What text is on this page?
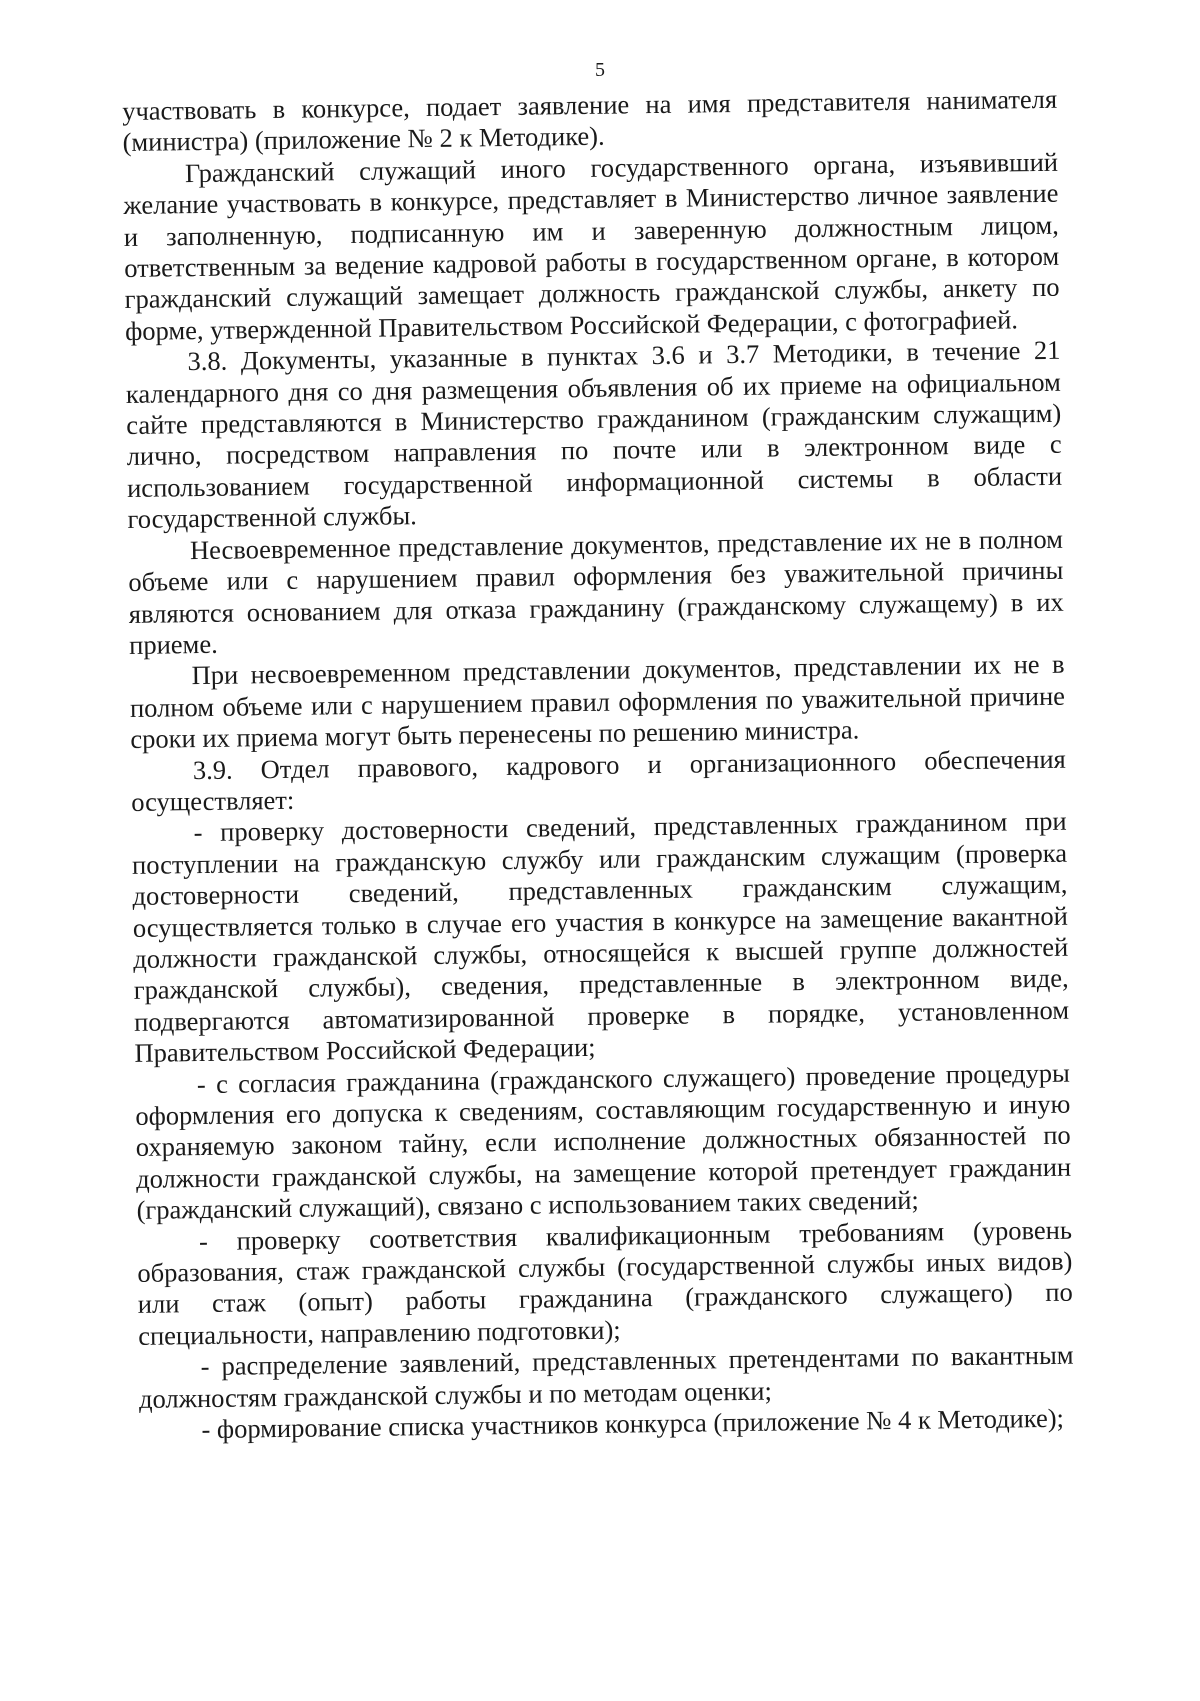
5

участвовать в конкурсе, подает заявление на имя представителя нанимателя (министра) (приложение № 2 к Методике).

Гражданский служащий иного государственного органа, изъявивший желание участвовать в конкурсе, представляет в Министерство личное заявление и заполненную, подписанную им и заверенную должностным лицом, ответственным за ведение кадровой работы в государственном органе, в котором гражданский служащий замещает должность гражданской службы, анкету по форме, утвержденной Правительством Российской Федерации, с фотографией.

3.8. Документы, указанные в пунктах 3.6 и 3.7 Методики, в течение 21 календарного дня со дня размещения объявления об их приеме на официальном сайте представляются в Министерство гражданином (гражданским служащим) лично, посредством направления по почте или в электронном виде с использованием государственной информационной системы в области государственной службы.

Несвоевременное представление документов, представление их не в полном объеме или с нарушением правил оформления без уважительной причины являются основанием для отказа гражданину (гражданскому служащему) в их приеме.

При несвоевременном представлении документов, представлении их не в полном объеме или с нарушением правил оформления по уважительной причине сроки их приема могут быть перенесены по решению министра.

3.9. Отдел правового, кадрового и организационного обеспечения осуществляет:

- проверку достоверности сведений, представленных гражданином при поступлении на гражданскую службу или гражданским служащим (проверка достоверности сведений, представленных гражданским служащим, осуществляется только в случае его участия в конкурсе на замещение вакантной должности гражданской службы, относящейся к высшей группе должностей гражданской службы), сведения, представленные в электронном виде, подвергаются автоматизированной проверке в порядке, установленном Правительством Российской Федерации;

- с согласия гражданина (гражданского служащего) проведение процедуры оформления его допуска к сведениям, составляющим государственную и иную охраняемую законом тайну, если исполнение должностных обязанностей по должности гражданской службы, на замещение которой претендует гражданин (гражданский служащий), связано с использованием таких сведений;

- проверку соответствия квалификационным требованиям (уровень образования, стаж гражданской службы (государственной службы иных видов) или стаж (опыт) работы гражданина (гражданского служащего) по специальности, направлению подготовки);

- распределение заявлений, представленных претендентами по вакантным должностям гражданской службы и по методам оценки;

- формирование списка участников конкурса (приложение № 4 к Методике);
